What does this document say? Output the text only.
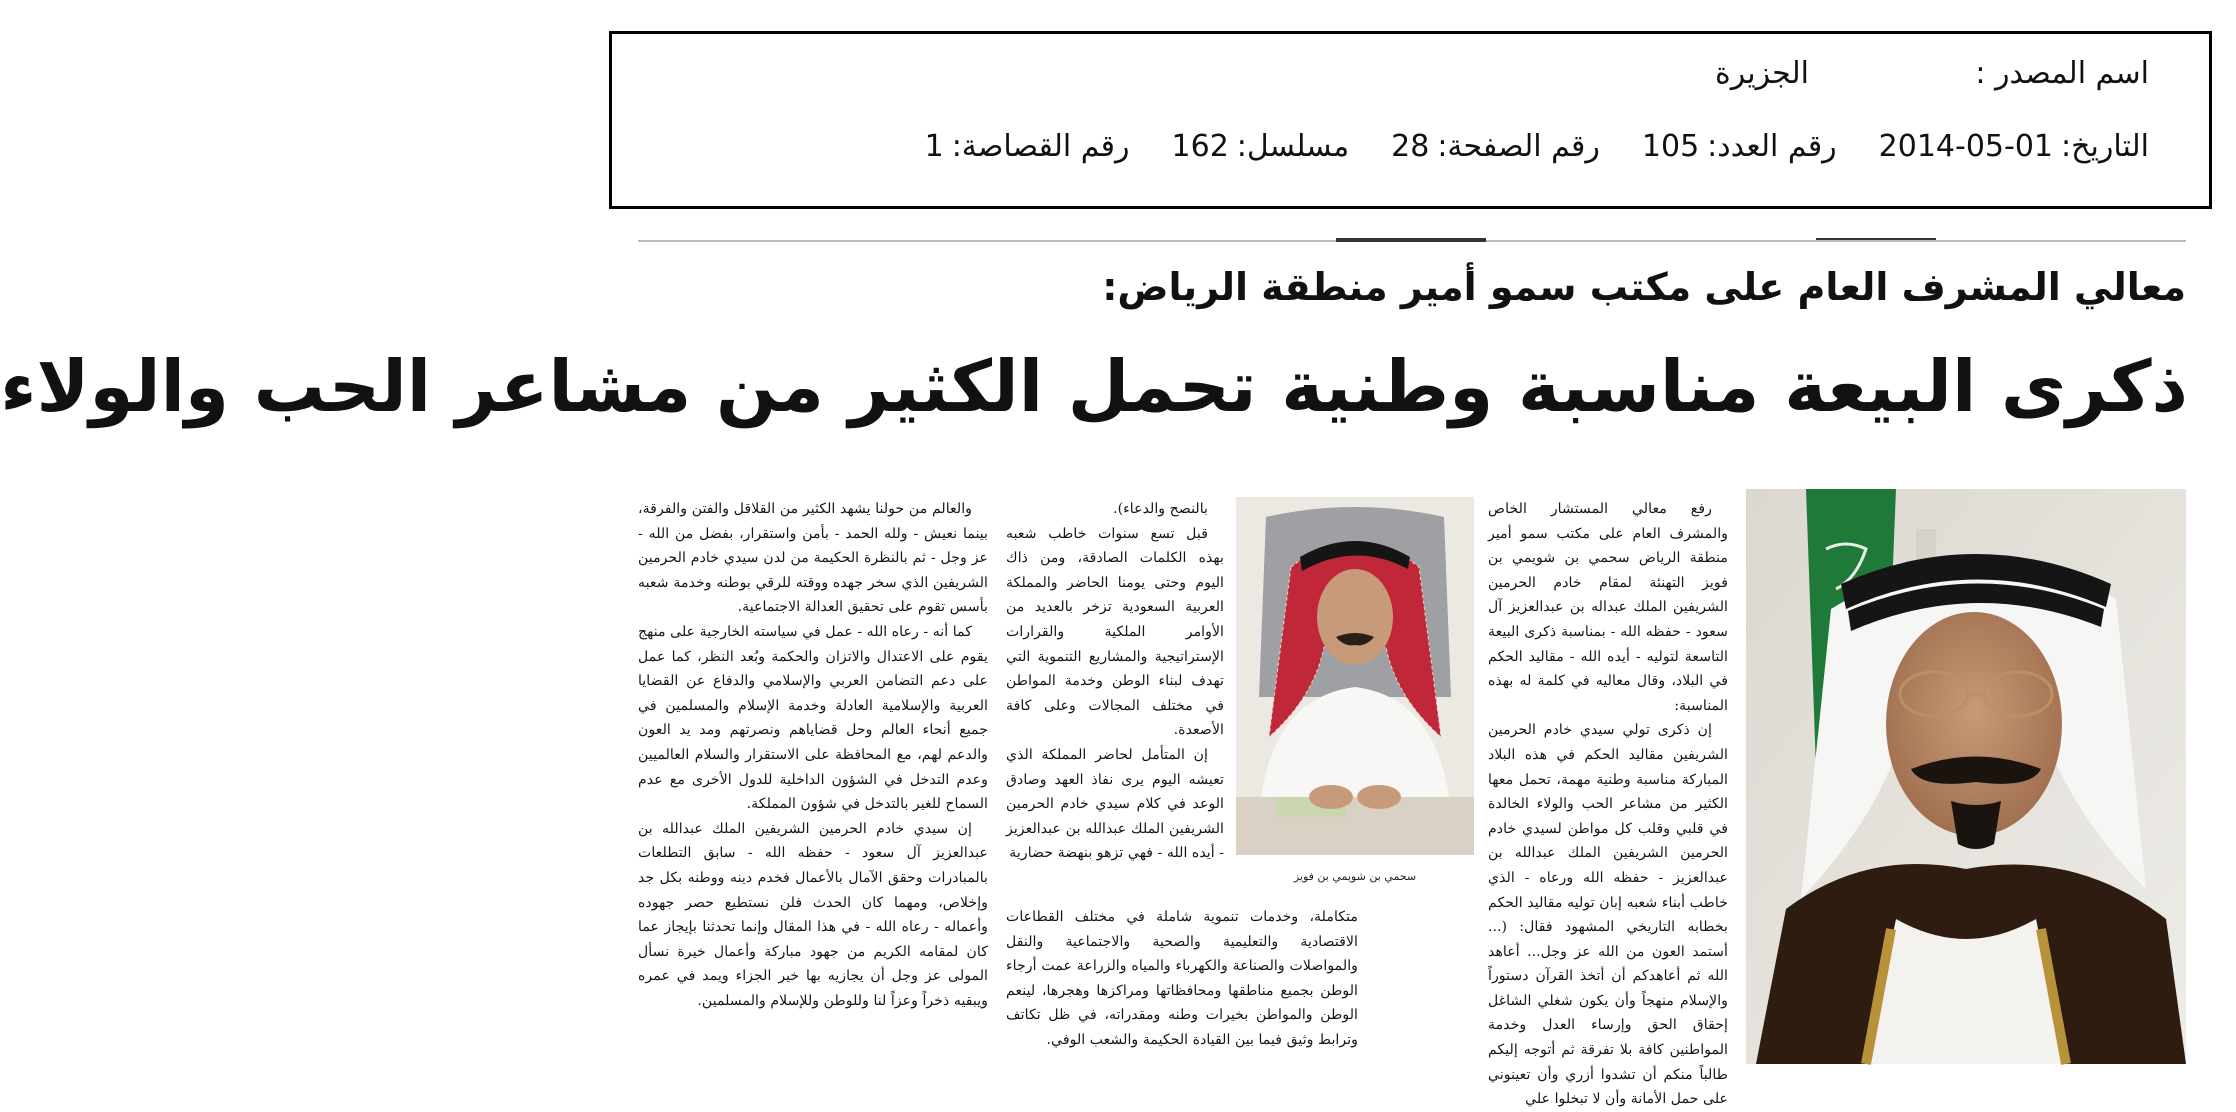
اسم المصدر :
الجزيرة
التاريخ:
2014-05-01
رقم العدد:
105
رقم الصفحة:
28
مسلسل:
162
رقم القصاصة:
1
معالي المشرف العام على مكتب سمو أمير منطقة الرياض:
ذكرى البيعة مناسبة وطنية تحمل الكثير من مشاعر الحب والولاء
سحمي بن شويمي بن فويز

رفع معالي المستشار الخاص والمشرف العام على مكتب سمو أمير منطقة الرياض سحمي بن شويمي بن فويز التهنئة لمقام خادم الحرمين الشريفين الملك عبداله بن عبدالعزيز آل سعود - حفظه الله - بمناسبة ذكرى البيعة التاسعة لتوليه - أيده الله - مقاليد الحكم في البلاد، وقال معاليه في كلمة له بهذه المناسبة:

إن ذكرى تولي سيدي خادم الحرمين الشريفين مقاليد الحكم في هذه البلاد المباركة مناسبة وطنية مهمة، تحمل معها الكثير من مشاعر الحب والولاء الخالدة في قلبي وقلب كل مواطن لسيدي خادم الحرمين الشريفين الملك عبدالله بن عبدالعزيز - حفظه الله ورعاه - الذي خاطب أبناء شعبه إبان توليه مقاليد الحكم بخطابه التاريخي المشهود فقال: (... أستمد العون من الله عز وجل... أعاهد الله ثم أعاهدكم أن أتخذ القرآن دستوراً والإسلام منهجاً وأن يكون شغلي الشاغل إحقاق الحق وإرساء العدل وخدمة المواطنين كافة بلا تفرقة ثم أتوجه إليكم طالباً منكم أن تشدوا أزري وأن تعينوني على حمل الأمانة وأن لا تبخلوا علي

بالنصح والدعاء).

قبل تسع سنوات خاطب شعبه بهذه الكلمات الصادقة، ومن ذاك اليوم وحتى يومنا الحاضر والمملكة العربية السعودية تزخر بالعديد من الأوامر الملكية والقرارات الإستراتيجية والمشاريع التنموية التي تهدف لبناء الوطن وخدمة المواطن في مختلف المجالات وعلى كافة الأصعدة.

إن المتأمل لحاضر المملكة الذي تعيشه اليوم يرى نفاذ العهد وصادق الوعد في كلام سيدي خادم الحرمين الشريفين الملك عبدالله بن عبدالعزيز - أيده الله - فهي تزهو بنهضة حضارية

متكاملة، وخدمات تنموية شاملة في مختلف القطاعات الاقتصادية والتعليمية والصحية والاجتماعية والنقل والمواصلات والصناعة والكهرباء والمياه والزراعة عمت أرجاء الوطن بجميع مناطقها ومحافظاتها ومراكزها وهجرها، لينعم الوطن والمواطن بخيرات وطنه ومقدراته، في ظل تكاتف وترابط وثيق فيما بين القيادة الحكيمة والشعب الوفي.

والعالم من حولنا يشهد الكثير من القلاقل والفتن والفرقة، بينما نعيش - ولله الحمد - بأمن واستقرار، بفضل من الله - عز وجل - ثم بالنظرة الحكيمة من لدن سيدي خادم الحرمين الشريفين الذي سخر جهده ووقته للرقي بوطنه وخدمة شعبه بأسس تقوم على تحقيق العدالة الاجتماعية.

كما أنه - رعاه الله - عمل في سياسته الخارجية على منهج يقوم على الاعتدال والاتزان والحكمة وبُعد النظر، كما عمل على دعم التضامن العربي والإسلامي والدفاع عن القضايا العربية والإسلامية العادلة وخدمة الإسلام والمسلمين في جميع أنحاء العالم وحل قضاياهم ونصرتهم ومد يد العون والدعم لهم، مع المحافظة على الاستقرار والسلام العالميين وعدم التدخل في الشؤون الداخلية للدول الأخرى مع عدم السماح للغير بالتدخل في شؤون المملكة.

إن سيدي خادم الحرمين الشريفين الملك عبدالله بن عبدالعزيز آل سعود - حفظه الله - سابق التطلعات بالمبادرات وحقق الآمال بالأعمال فخدم دينه ووطنه بكل جد وإخلاص، ومهما كان الحدث فلن نستطيع حصر جهوده وأعماله - رعاه الله - في هذا المقال وإنما تحدثنا بإيجاز عما كان لمقامه الكريم من جهود مباركة وأعمال خيرة نسأل المولى عز وجل أن يجازيه بها خير الجزاء ويمد في عمره ويبقيه ذخراً وعزاً لنا وللوطن وللإسلام والمسلمين.
